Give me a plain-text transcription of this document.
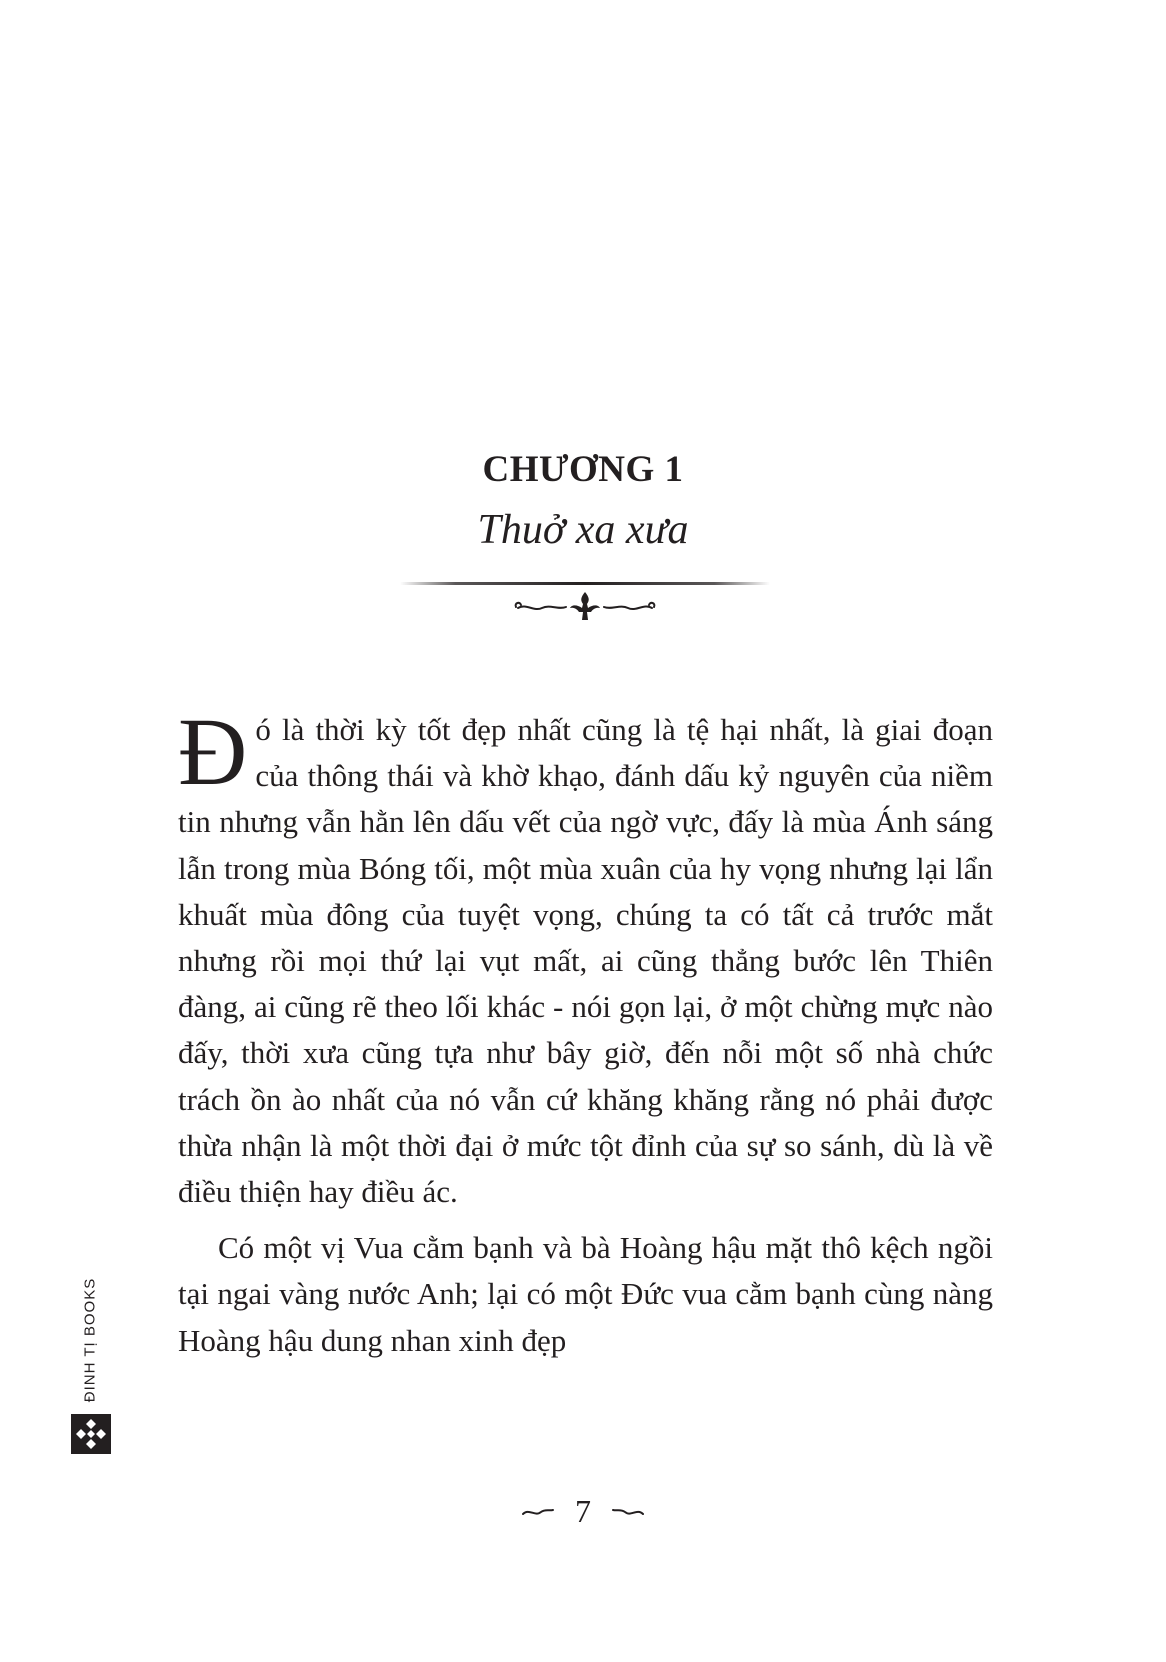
CHƯƠNG 1
Thuở xa xưa

Đó là thời kỳ tốt đẹp nhất cũng là tệ hại nhất, là giai đoạn của thông thái và khờ khạo, đánh dấu kỷ nguyên của niềm tin nhưng vẫn hằn lên dấu vết của ngờ vực, đấy là mùa Ánh sáng lẫn trong mùa Bóng tối, một mùa xuân của hy vọng nhưng lại lẩn khuất mùa đông của tuyệt vọng, chúng ta có tất cả trước mắt nhưng rồi mọi thứ lại vụt mất, ai cũng thẳng bước lên Thiên đàng, ai cũng rẽ theo lối khác - nói gọn lại, ở một chừng mực nào đấy, thời xưa cũng tựa như bây giờ, đến nỗi một số nhà chức trách ồn ào nhất của nó vẫn cứ khăng khăng rằng nó phải được thừa nhận là một thời đại ở mức tột đỉnh của sự so sánh, dù là về điều thiện hay điều ác.

Có một vị Vua cằm bạnh và bà Hoàng hậu mặt thô kệch ngồi tại ngai vàng nước Anh; lại có một Đức vua cằm bạnh cùng nàng Hoàng hậu dung nhan xinh đẹp

7
ĐINH TỊ BOOKS
